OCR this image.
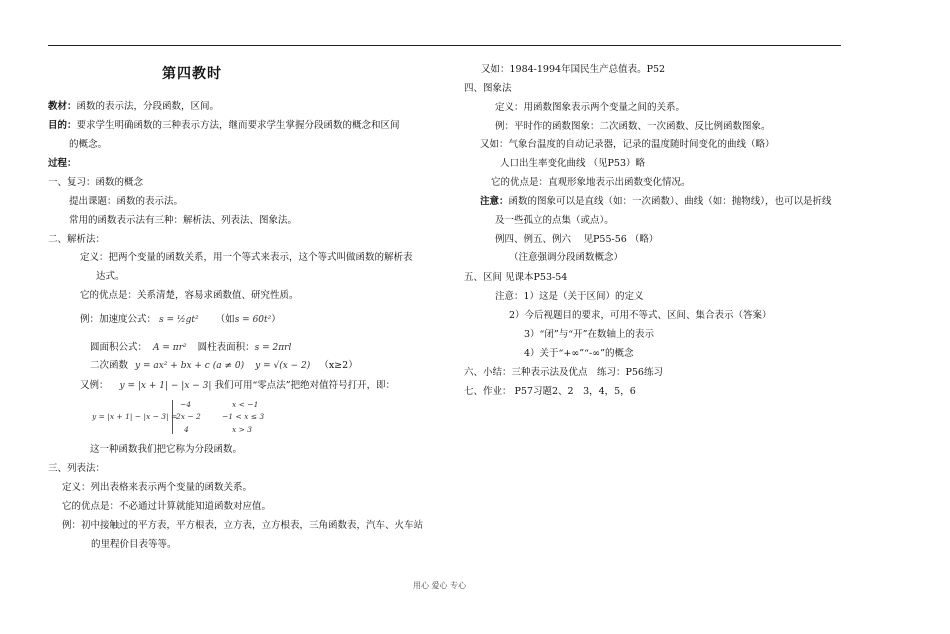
第四教时
教材：函数的表示法，分段函数，区间。
目的：要求学生明确函数的三种表示方法，继而要求学生掌握分段函数的概念和区间
的概念。
过程：
一、复习：函数的概念
提出课题：函数的表示法。
常用的函数表示法有三种：解析法、列表法、图象法。
二、解析法：
定义：把两个变量的函数关系，用一个等式来表示，这个等式叫做函数的解析表
达式。
它的优点是：关系清楚，容易求函数值、研究性质。
例：加速度公式： s = ½gt² （如s = 60t²）
圆面积公式： A = πr² 圆柱表面积：s = 2πrl
二次函数 y = ax² + bx + c (a ≠ 0) y = √(x − 2) （x≥2）
又例： y = |x + 1| − |x − 3| 我们可用“零点法”把绝对值符号打开，即：
y = |x + 1| − |x − 3| =
−4	x < −1
2x − 2	−1 < x ≤ 3
4	x > 3
这一种函数我们把它称为分段函数。
三、列表法：
定义：列出表格来表示两个变量的函数关系。
它的优点是：不必通过计算就能知道函数对应值。
例：初中接触过的平方表，平方根表，立方表，立方根表，三角函数表，汽车、火车站
的里程价目表等等。
又如：1984-1994年国民生产总值表。P52
四、图象法
定义：用函数图象表示两个变量之间的关系。
例：平时作的函数图象：二次函数、一次函数、反比例函数图象。
又如：气象台温度的自动记录器，记录的温度随时间变化的曲线（略）
人口出生率变化曲线 （见P53）略
它的优点是：直观形象地表示出函数变化情况。
注意：函数的图象可以是直线（如：一次函数）、曲线（如：抛物线），也可以是折线
及一些孤立的点集（或点）。
例四、例五、例六　 见P55-56 （略）
（注意强调分段函数概念）
五、区间 见课本P53-54
注意：1）这是（关于区间）的定义
2）今后视题目的要求，可用不等式、区间、集合表示（答案）
3）“闭”与“开”在数轴上的表示
4）关于“+∞”“-∞”的概念
六、小结：三种表示法及优点　练习：P56练习
七、作业： P57习题2、2　3，4，5，6
用心 爱心 专心
